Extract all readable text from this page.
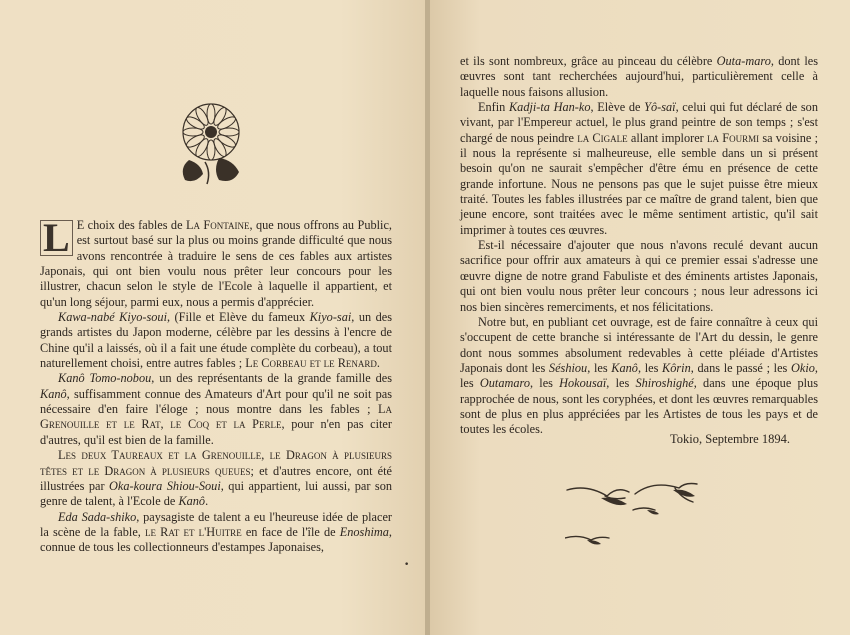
L E choix des fables de La Fontaine, que nous offrons au Public, est surtout basé sur la plus ou moins grande difficulté que nous avons rencontrée à traduire le sens de ces fables aux artistes Japonais, qui ont bien voulu nous prêter leur concours pour les illustrer, chacun selon le style de l'Ecole à laquelle il appartient, et qu'un long séjour, parmi eux, nous a permis d'apprécier.

Kawa-nabé Kiyo-soui, (Fille et Elève du fameux Kiyo-sai, un des grands artistes du Japon moderne, célèbre par les dessins à l'encre de Chine qu'il a laissés, où il a fait une étude complète du corbeau), a tout naturellement choisi, entre autres fables ; Le Corbeau et le Renard.

Kanô Tomo-nobou, un des représentants de la grande famille des Kanô, suffisamment connue des Amateurs d'Art pour qu'il ne soit pas nécessaire d'en faire l'éloge ; nous montre dans les fables ; La Grenouille et le Rat, le Coq et la Perle, pour n'en pas citer d'autres, qu'il est bien de la famille.

Les deux Taureaux et la Grenouille, le Dragon à plusieurs têtes et le Dragon à plusieurs queues; et d'autres encore, ont été illustrées par Oka-koura Shiou-Soui, qui appartient, lui aussi, par son genre de talent, à l'Ecole de Kanô.

Eda Sada-shiko, paysagiste de talent a eu l'heureuse idée de placer la scène de la fable, le Rat et l'Huitre en face de l'île de Enoshima, connue de tous les collectionneurs d'estampes Japonaises,

•

et ils sont nombreux, grâce au pinceau du célèbre Outa-maro, dont les œuvres sont tant recherchées aujourd'hui, particulièrement celle à laquelle nous faisons allusion.

Enfin Kadji-ta Han-ko, Elève de Yô-saï, celui qui fut déclaré de son vivant, par l'Empereur actuel, le plus grand peintre de son temps ; s'est chargé de nous peindre la Cigale allant implorer la Fourmi sa voisine ; il nous la représente si malheureuse, elle semble dans un si présent besoin qu'on ne saurait s'empêcher d'être ému en présence de cette grande infortune. Nous ne pensons pas que le sujet puisse être mieux traité. Toutes les fables illustrées par ce maître de grand talent, bien que jeune encore, sont traitées avec le même sentiment artistic, qu'il sait imprimer à toutes ces œuvres.

Est-il nécessaire d'ajouter que nous n'avons reculé devant aucun sacrifice pour offrir aux amateurs à qui ce premier essai s'adresse une œuvre digne de notre grand Fabuliste et des éminents artistes Japonais, qui ont bien voulu nous prêter leur concours ; nous leur adressons ici nos bien sincères remerciments, et nos félicitations.

Notre but, en publiant cet ouvrage, est de faire connaître à ceux qui s'occupent de cette branche si intéressante de l'Art du dessin, le genre dont nous sommes absolument redevables à cette pléiade d'Artistes Japonais dont les Séshiou, les Kanô, les Kôrin, dans le passé ; les Okio, les Outamaro, les Hokousaï, les Shiroshighé, dans une époque plus rapprochée de nous, sont les coryphées, et dont les œuvres remarquables sont de plus en plus appréciées par les Artistes de tous les pays et de toutes les écoles.

Tokio, Septembre 1894.
